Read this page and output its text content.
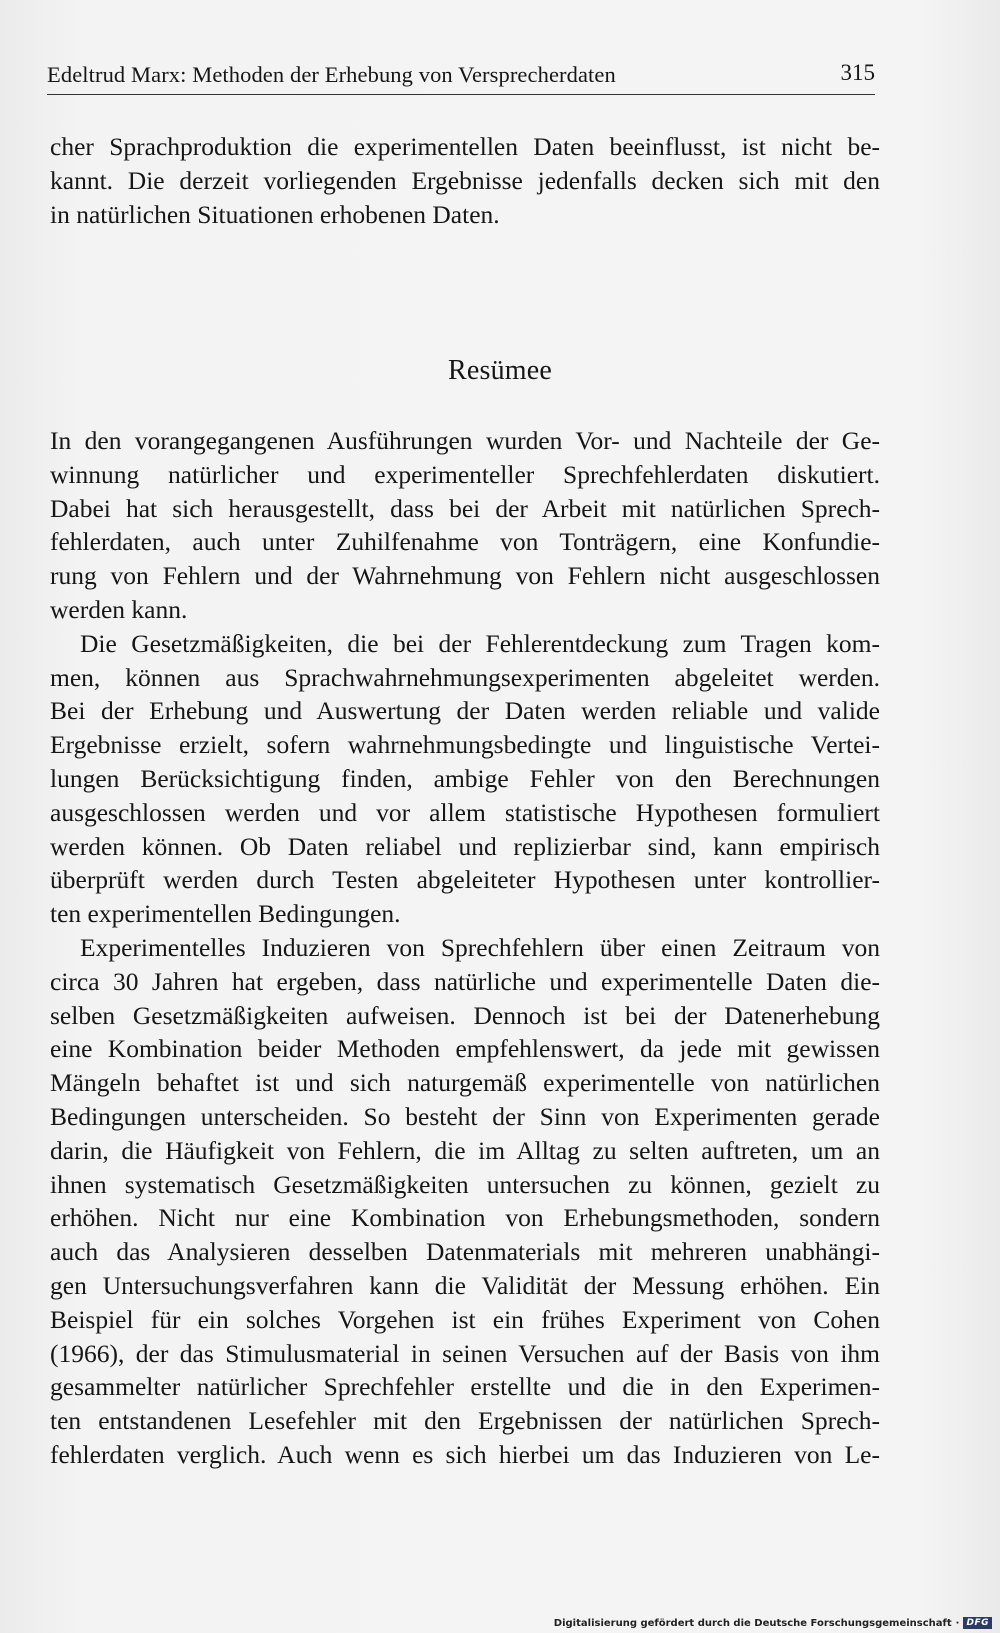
Edeltrud Marx: Methoden der Erhebung von Versprecherdaten	315
cher Sprachproduktion die experimentellen Daten beeinflusst, ist nicht be-
kannt. Die derzeit vorliegenden Ergebnisse jedenfalls decken sich mit den
in natürlichen Situationen erhobenen Daten.
Resümee
In den vorangegangenen Ausführungen wurden Vor- und Nachteile der Ge-
winnung natürlicher und experimenteller Sprechfehlerdaten diskutiert.
Dabei hat sich herausgestellt, dass bei der Arbeit mit natürlichen Sprech-
fehlerdaten, auch unter Zuhilfenahme von Tonträgern, eine Konfundie-
rung von Fehlern und der Wahrnehmung von Fehlern nicht ausgeschlossen
werden kann.
Die Gesetzmäßigkeiten, die bei der Fehlerentdeckung zum Tragen kom-
men, können aus Sprachwahrnehmungsexperimenten abgeleitet werden.
Bei der Erhebung und Auswertung der Daten werden reliable und valide
Ergebnisse erzielt, sofern wahrnehmungsbedingte und linguistische Vertei-
lungen Berücksichtigung finden, ambige Fehler von den Berechnungen
ausgeschlossen werden und vor allem statistische Hypothesen formuliert
werden können. Ob Daten reliabel und replizierbar sind, kann empirisch
überprüft werden durch Testen abgeleiteter Hypothesen unter kontrollier-
ten experimentellen Bedingungen.
Experimentelles Induzieren von Sprechfehlern über einen Zeitraum von
circa 30 Jahren hat ergeben, dass natürliche und experimentelle Daten die-
selben Gesetzmäßigkeiten aufweisen. Dennoch ist bei der Datenerhebung
eine Kombination beider Methoden empfehlenswert, da jede mit gewissen
Mängeln behaftet ist und sich naturgemäß experimentelle von natürlichen
Bedingungen unterscheiden. So besteht der Sinn von Experimenten gerade
darin, die Häufigkeit von Fehlern, die im Alltag zu selten auftreten, um an
ihnen systematisch Gesetzmäßigkeiten untersuchen zu können, gezielt zu
erhöhen. Nicht nur eine Kombination von Erhebungsmethoden, sondern
auch das Analysieren desselben Datenmaterials mit mehreren unabhängi-
gen Untersuchungsverfahren kann die Validität der Messung erhöhen. Ein
Beispiel für ein solches Vorgehen ist ein frühes Experiment von Cohen
(1966), der das Stimulusmaterial in seinen Versuchen auf der Basis von ihm
gesammelter natürlicher Sprechfehler erstellte und die in den Experimen-
ten entstandenen Lesefehler mit den Ergebnissen der natürlichen Sprech-
fehlerdaten verglich. Auch wenn es sich hierbei um das Induzieren von Le-
Digitalisierung gefördert durch die Deutsche Forschungsgemeinschaft · DFG
